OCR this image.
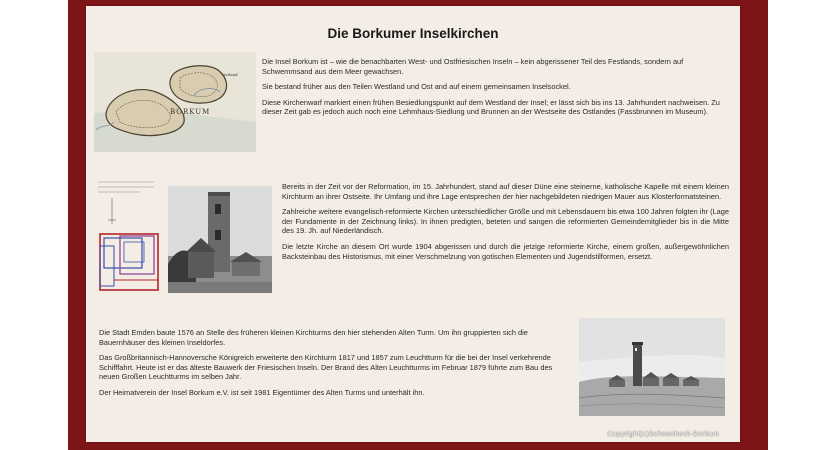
Die Borkumer Inselkirchen
BORKUM
Ostland

Die Insel Borkum ist – wie die benachbarten West- und Ostfriesischen Inseln – kein abgerissener Teil des Festlands, sondern auf Schwemmsand aus dem Meer gewachsen.

Sie bestand früher aus den Teilen Westland und Ost and auf einem gemeinsamen Inselsockel.

Diese Kirchenwarf markiert einen frühen Besiedlungspunkt auf dem Westland der Insel; er lässt sich bis ins 13. Jahrhundert nachweisen. Zu dieser Zeit gab es jedoch auch noch eine Lehmhaus-Siedlung und Brunnen an der Westseite des Ostlandes (Fassbrunnen im Museum).

Bereits in der Zeit vor der Reformation, im 15. Jahrhundert, stand auf dieser Düne eine steinerne, katholische Kapelle mit einem kleinen Kirchturm an ihrer Ostseite. Ihr Umfang und ihre Lage entsprechen der hier nachgebildeten niedrigen Mauer aus Klosterformatsteinen.

Zahlreiche weitere evangelisch-reformierte Kirchen unterschiedlicher Größe und mit Lebensdauern bis etwa 100 Jahren folgten ihr (Lage der Fundamente in der Zeichnung links). In ihnen predigten, beteten und sangen die reformierten Gemeindemitglieder bis in die Mitte des 19. Jh. auf Niederländisch.

Die letzte Kirche an diesem Ort wurde 1904 abgerissen und durch die jetzige reformierte Kirche, einem großen, außergewöhnlichen Backsteinbau des Historismus, mit einer Verschmelzung von gotischen Elementen und Jugendstilformen, ersetzt.

Die Stadt Emden baute 1576 an Stelle des früheren kleinen Kirchturms den hier stehenden Alten Turm. Um ihn gruppierten sich die Bauernhäuser des kleinen Inseldorfes.

Das Großbritannisch-Hannoversche Königreich erweiterte den Kirchturm 1817 und 1857 zum Leuchtturm für die bei der Insel verkehrende Schifffahrt. Heute ist er das älteste Bauwerk der Friesischen Inseln. Der Brand des Alten Leuchtturms im Februar 1879 führte zum Bau des neuen Großen Leuchtturms im selben Jahr.

Der Heimatverein der Insel Borkum e.V. ist seit 1981 Eigentümer des Alten Turms und unterhält ihn.

Copyright(c)Schoenbeck-Borkum
